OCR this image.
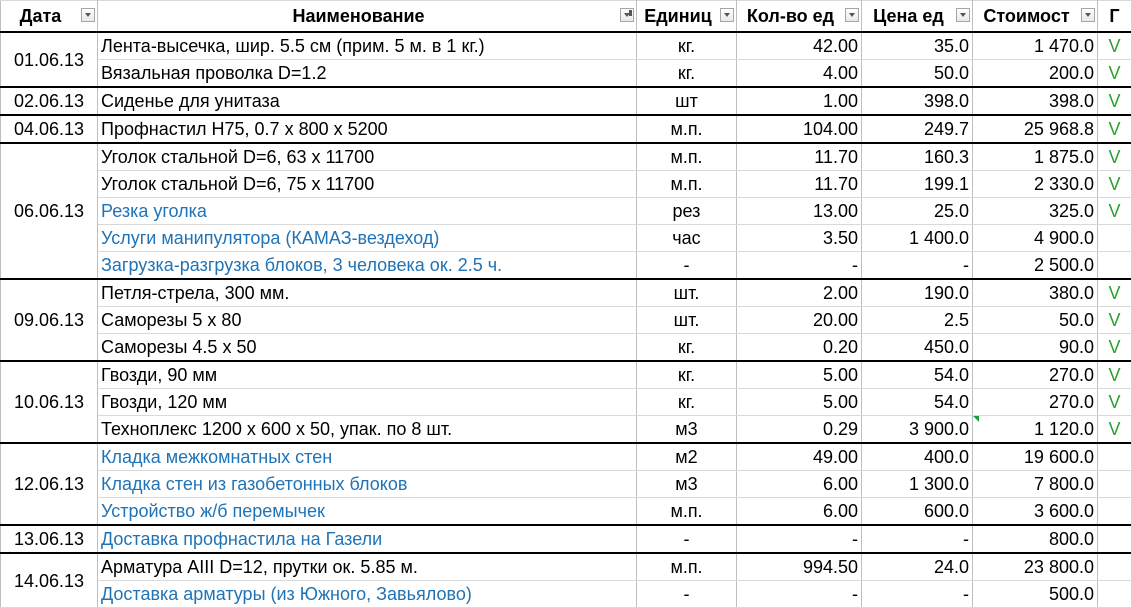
Дата	Наименование	Единиц	Кол-во ед	Цена ед	Стоимост	Г
01.06.13	Лента-высечка, шир. 5.5 см (прим. 5 м. в 1 кг.)	кг.	42.00	35.0	1 470.0	V
	Вязальная проволка D=1.2	кг.	4.00	50.0	200.0	V
02.06.13	Сиденье для унитаза	шт	1.00	398.0	398.0	V
04.06.13	Профнастил Н75, 0.7 х 800 х 5200	м.п.	104.00	249.7	25 968.8	V
06.06.13	Уголок стальной D=6, 63 х 11700	м.п.	11.70	160.3	1 875.0	V
	Уголок стальной D=6, 75 х 11700	м.п.	11.70	199.1	2 330.0	V
	Резка уголка	рез	13.00	25.0	325.0	V
	Услуги манипулятора (КАМАЗ-вездеход)	час	3.50	1 400.0	4 900.0	
	Загрузка-разгрузка блоков, 3 человека ок. 2.5 ч.	-	-	-	2 500.0	
09.06.13	Петля-стрела, 300 мм.	шт.	2.00	190.0	380.0	V
	Саморезы 5 х 80	шт.	20.00	2.5	50.0	V
	Саморезы 4.5 х 50	кг.	0.20	450.0	90.0	V
10.06.13	Гвозди, 90 мм	кг.	5.00	54.0	270.0	V
	Гвозди, 120 мм	кг.	5.00	54.0	270.0	V
	Техноплекс 1200 х 600 х 50, упак. по 8 шт.	м3	0.29	3 900.0	1 120.0	V
12.06.13	Кладка межкомнатных стен	м2	49.00	400.0	19 600.0	
	Кладка стен из газобетонных блоков	м3	6.00	1 300.0	7 800.0	
	Устройство ж/б перемычек	м.п.	6.00	600.0	3 600.0	
13.06.13	Доставка профнастила на Газели	-	-	-	800.0	
14.06.13	Арматура АIII D=12, прутки ок. 5.85 м.	м.п.	994.50	24.0	23 800.0	
	Доставка арматуры (из Южного, Завьялово)	-	-	-	500.0	
